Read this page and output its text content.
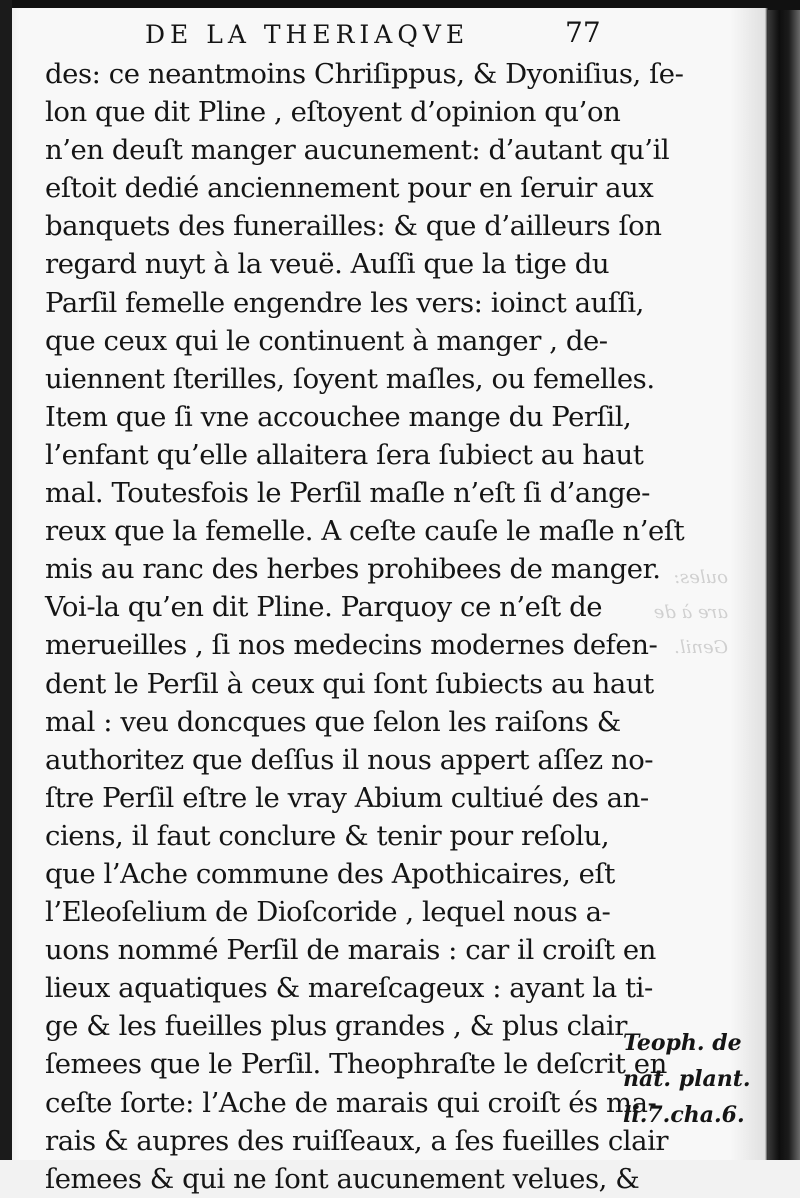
DE LA THERIAQVE	77
oules:
are à de
Genil.
des: ce neantmoins Chriſippus, & Dyoniſius, ſe-
lon que dit Pline , eſtoyent d’opinion qu’on
n’en deuſt manger aucunement: d’autant qu’il
eſtoit dedié anciennement pour en ſeruir aux
banquets des funerailles: & que d’ailleurs ſon
regard nuyt à la veuë. Auſſi que la tige du
Parſil femelle engendre les vers: ioinct auſſi,
que ceux qui le continuent à manger , de-
uiennent ſterilles, ſoyent maſles, ou femelles.
Item que ſi vne accouchee mange du Perſil,
l’enfant qu’elle allaitera ſera ſubiect au haut
mal. Toutesfois le Perſil maſle n’eſt ſi d’ange-
reux que la femelle. A ceſte cauſe le maſle n’eſt
mis au ranc des herbes prohibees de manger.
Voi-la qu’en dit Pline. Parquoy ce n’eſt de
merueilles , ſi nos medecins modernes defen-
dent le Perſil à ceux qui ſont ſubiects au haut
mal : veu doncques que ſelon les raiſons &
authoritez que deſſus il nous appert aſſez no-
ſtre Perſil eſtre le vray Abium cultiué des an-
ciens, il faut conclure & tenir pour reſolu,
que l’Ache commune des Apothicaires, eſt
l’Eleoſelium de Dioſcoride , lequel nous a-
uons nommé Perſil de marais : car il croiſt en
lieux aquatiques & mareſcageux : ayant la ti-
ge & les fueilles plus grandes , & plus clair
ſemees que le Perſil. Theophraſte le deſcrit en
ceſte ſorte: l’Ache de marais qui croiſt és ma-
rais & aupres des ruiſſeaux, a ſes fueilles clair
ſemees & qui ne ſont aucunement velues, &
Teoph. de
nat. plant.
li.7.cha.6.
